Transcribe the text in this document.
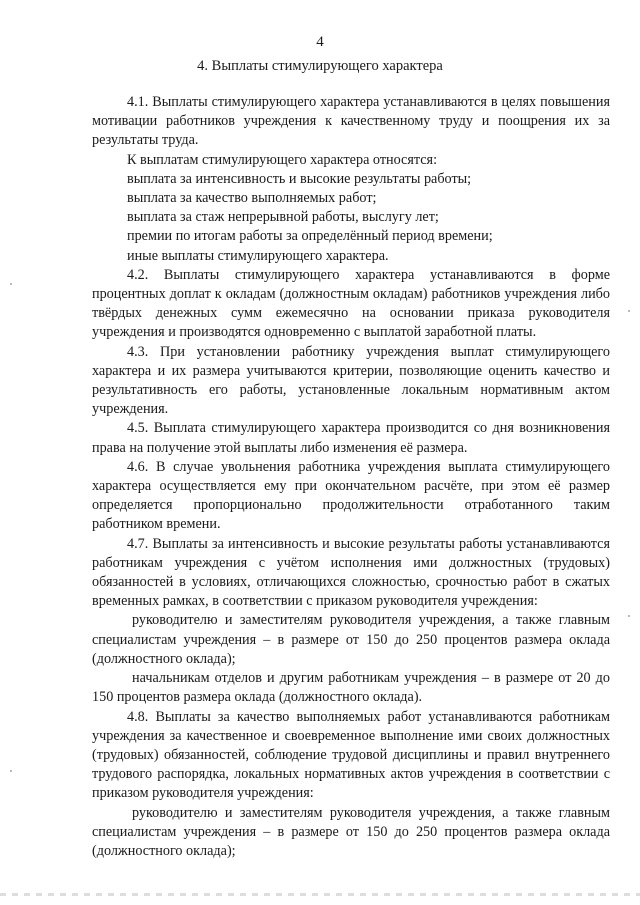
4
4. Выплаты стимулирующего характера

4.1. Выплаты стимулирующего характера устанавливаются в целях повышения мотивации работников учреждения к качественному труду и поощрения их за результаты труда.

К выплатам стимулирующего характера относятся:

выплата за интенсивность и высокие результаты работы;

выплата за качество выполняемых работ;

выплата за стаж непрерывной работы, выслугу лет;

премии по итогам работы за определённый период времени;

иные выплаты стимулирующего характера.

4.2. Выплаты стимулирующего характера устанавливаются в форме процентных доплат к окладам (должностным окладам) работников учреждения либо твёрдых денежных сумм ежемесячно на основании приказа руководителя учреждения и производятся одновременно с выплатой заработной платы.

4.3. При установлении работнику учреждения выплат стимулирующего характера и их размера учитываются критерии, позволяющие оценить качество и результативность его работы, установленные локальным нормативным актом учреждения.

4.5. Выплата стимулирующего характера производится со дня возникновения права на получение этой выплаты либо изменения её размера.

4.6. В случае увольнения работника учреждения выплата стимулирующего характера осуществляется ему при окончательном расчёте, при этом её размер определяется пропорционально продолжительности отработанного таким работником времени.

4.7. Выплаты за интенсивность и высокие результаты работы устанавливаются работникам учреждения с учётом исполнения ими должностных (трудовых) обязанностей в условиях, отличающихся сложностью, срочностью работ в сжатых временных рамках, в соответствии с приказом руководителя учреждения:

руководителю и заместителям руководителя учреждения, а также главным специалистам учреждения – в размере от 150 до 250 процентов размера оклада (должностного оклада);

начальникам отделов и другим работникам учреждения – в размере от 20 до 150 процентов размера оклада (должностного оклада).

4.8. Выплаты за качество выполняемых работ устанавливаются работникам учреждения за качественное и своевременное выполнение ими своих должностных (трудовых) обязанностей, соблюдение трудовой дисциплины и правил внутреннего трудового распорядка, локальных нормативных актов учреждения в соответствии с приказом руководителя учреждения:

руководителю и заместителям руководителя учреждения, а также главным специалистам учреждения – в размере от 150 до 250 процентов размера оклада (должностного оклада);
